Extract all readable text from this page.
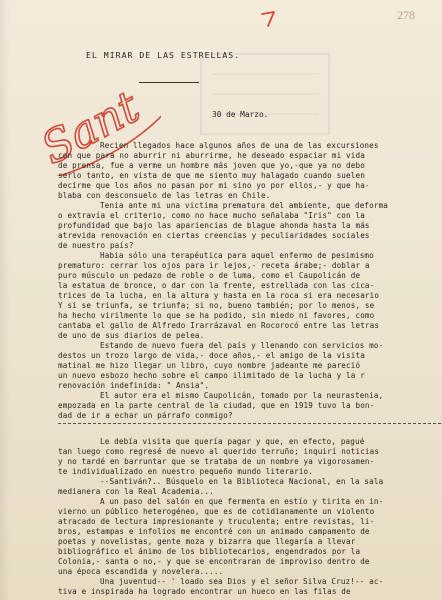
278
EL MIRAR DE LAS ESTRELLAS.
30 de Marzo.
Sant
Recien llegados hace algunos años de una de las excursiones
con que para no aburrir ni aburrirme, he deseado espaciar mi vida
de prensa, fue a verme un hombre más joven que yo,-que ya no debo
serlo tanto, en vista de que me siento muy halagado cuando suelen
decirme que los años no pasan por mi sino yo por ellos,- y que ha-
blaba con desconsuelo de las letras en Chile.
Tenia ante mi una victima prematura del ambiente, que deforma
o extravía el criterio, como no hace mucho señalaba "Iris" con la
profundidad que bajo las apariencias de blague ahonda hasta la más
atrevida renovación en ciertas creencias y peculiaridades sociales
de nuestro país?
Habia sólo una terapéutica para aquel enfermo de pesimismo
prematuro: cerrar los ojos para ir lejos,- receta árabe;- doblar a
puro músculo un pedazo de roble o de luma, como el Caupolicán de
la estatua de bronce, o dar con la frente, estrellada con las cica-
trices de la lucha, en la altura y hasta en la roca si era necesario
Y si se triunfa, se triunfa; si no, bueno también; por lo menos, se
ha hecho virilmente lo que se ha podido, sin miedo ni favores, como
cantaba el gallo de Alfredo Irarrázaval en Rocorocó entre las letras
de uno de sus diarios de pelea.
Estando de nuevo fuera del país y llenando con servicios mo-
destos un trozo largo de vida,- doce años,- el amigo de la visita
matinal me hizo llegar un libro, cuyo nombre jadeante me pareció
un nuevo esbozo hecho sobre el campo ilimitado de la lucha y la r
renovación indefinida: " Ansia".
El autor era el mismo Caupolicán, tomado por la neurastenia,
empozada en la parte central de la ciudad, que en 1919 tuvo la bon-
dad de ir a echar un párrafo conmigo?
Le debía visita que quería pagar y que, en efecto, pagué
tan luego como regresé de nuevo al querido terruño; inquirí noticias
y no tardé en barruntar que se trataba de un nombre ya vigorosamen-
te individualizado en nuestro pequeño mundo literario.
--Santiván?.. Búsquelo en la Biblioteca Nacional, en la sala
medianera con la Real Academia...
A un paso del salón en que fermenta en estío y tirita en in-
vierno un público heterogéneo, que es de cotidianamente un violento
atracado de lectura impresionante y truculenta; entre revistas, li-
bros, estampas e infolios me encontré con un animado campamento de
poetas y novelistas, gente moza y bizarra que llegaría a llevar
bibliográfico el ánimo de los bibliotecarios, engendrados por la
Colonia,- santa o no,- y que se encontraran de improviso dentro de
una época escandida y novelera.....
Una juventud-- ' loado sea Dios y el señor Silva Cruz!-- ac-
tiva e inspirada ha logrado encontrar un hueco en las filas de
